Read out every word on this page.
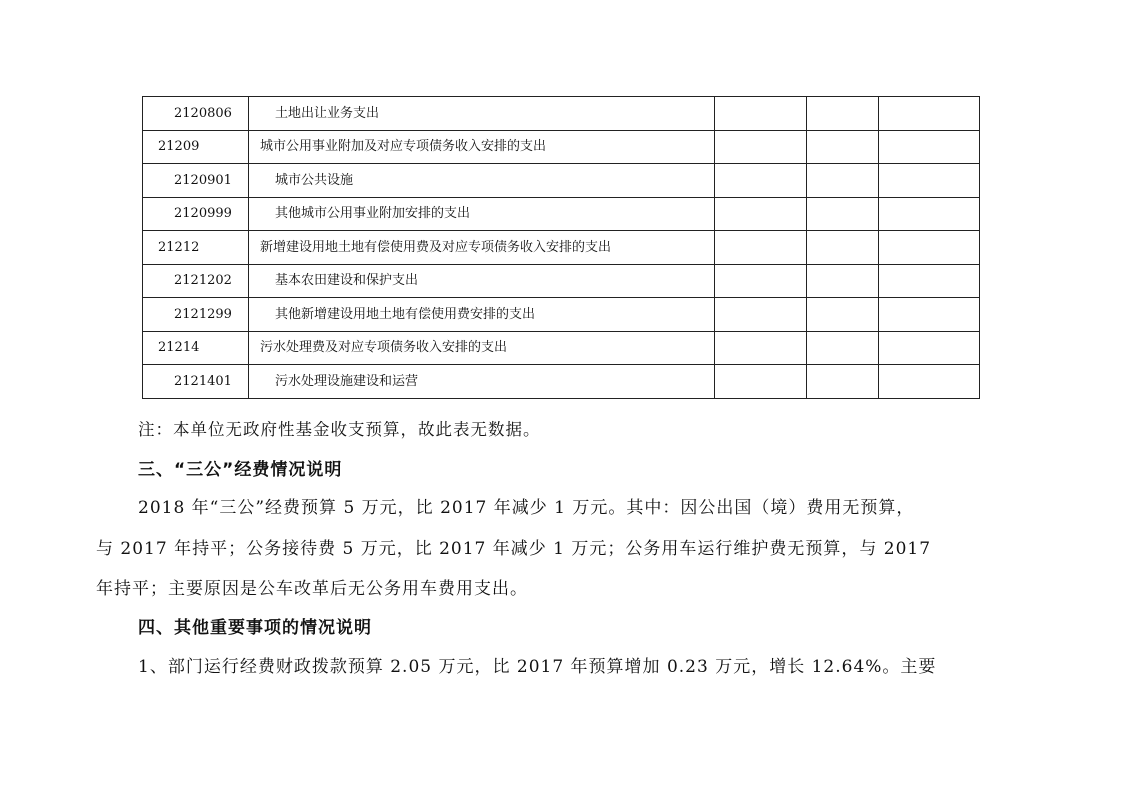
2120806	土地出让业务支出			
21209	城市公用事业附加及对应专项债务收入安排的支出			
2120901	城市公共设施			
2120999	其他城市公用事业附加安排的支出			
21212	新增建设用地土地有偿使用费及对应专项债务收入安排的支出			
2121202	基本农田建设和保护支出			
2121299	其他新增建设用地土地有偿使用费安排的支出			
21214	污水处理费及对应专项债务收入安排的支出			
2121401	污水处理设施建设和运营			

注：本单位无政府性基金收支预算，故此表无数据。

三、“三公”经费情况说明

2018 年“三公”经费预算 5 万元，比 2017 年减少 1 万元。其中：因公出国（境）费用无预算，

与 2017 年持平；公务接待费 5 万元，比 2017 年减少 1 万元；公务用车运行维护费无预算，与 2017

年持平；主要原因是公车改革后无公务用车费用支出。

四、其他重要事项的情况说明

1、部门运行经费财政拨款预算 2.05 万元，比 2017 年预算增加 0.23 万元，增长 12.64%。主要
